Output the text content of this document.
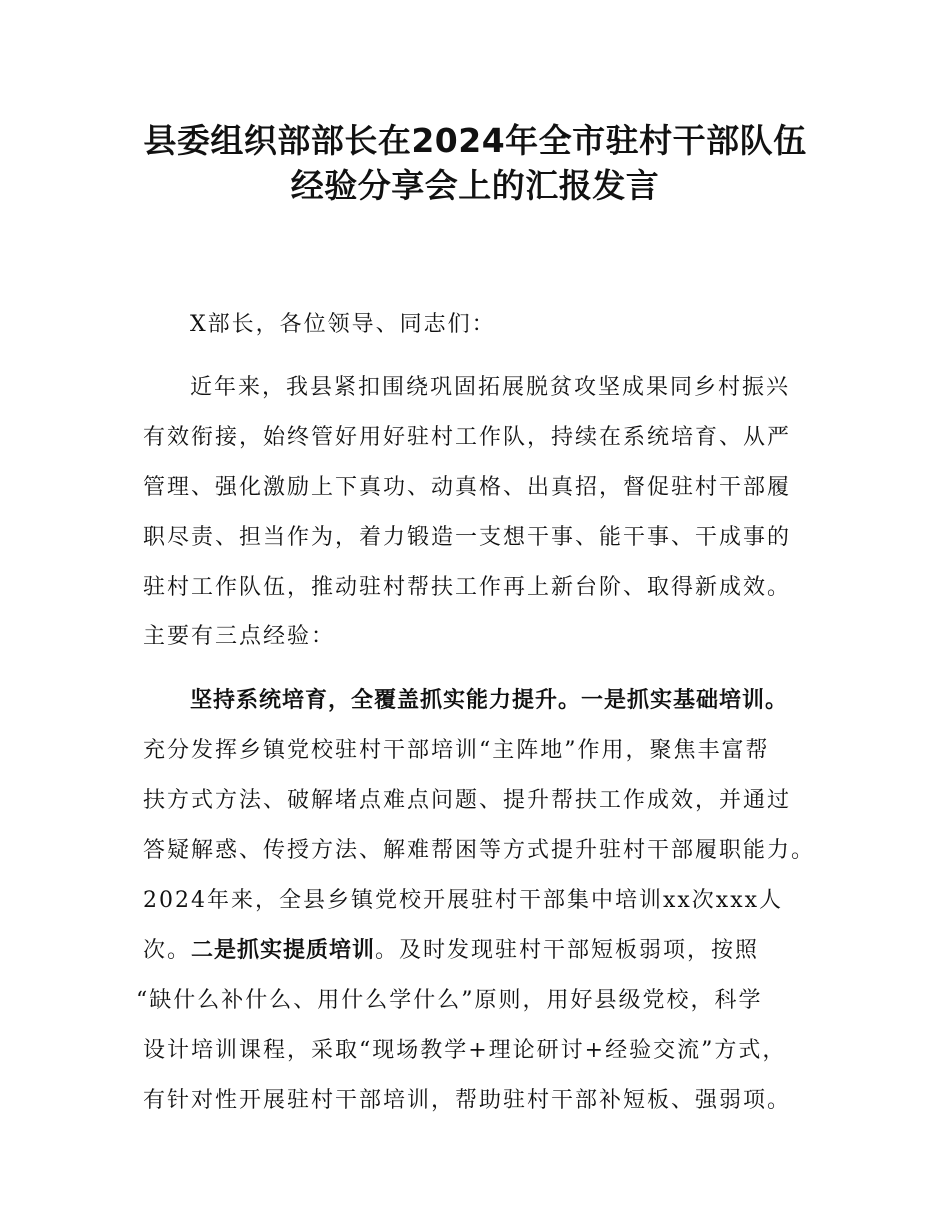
县委组织部部长在2024年全市驻村干部队伍
经验分享会上的汇报发言
X部长，各位领导、同志们：
近年来，我县紧扣围绕巩固拓展脱贫攻坚成果同乡村振兴
有效衔接，始终管好用好驻村工作队，持续在系统培育、从严
管理、强化激励上下真功、动真格、出真招，督促驻村干部履
职尽责、担当作为，着力锻造一支想干事、能干事、干成事的
驻村工作队伍，推动驻村帮扶工作再上新台阶、取得新成效。
主要有三点经验：
坚持系统培育，全覆盖抓实能力提升。一是抓实基础培训。
充分发挥乡镇党校驻村干部培训“主阵地”作用，聚焦丰富帮
扶方式方法、破解堵点难点问题、提升帮扶工作成效，并通过
答疑解惑、传授方法、解难帮困等方式提升驻村干部履职能力。
2024年来，全县乡镇党校开展驻村干部集中培训xx次xxx人
次。二是抓实提质培训。及时发现驻村干部短板弱项，按照
“缺什么补什么、用什么学什么”原则，用好县级党校，科学
设计培训课程，采取“现场教学+理论研讨+经验交流”方式，
有针对性开展驻村干部培训，帮助驻村干部补短板、强弱项。
